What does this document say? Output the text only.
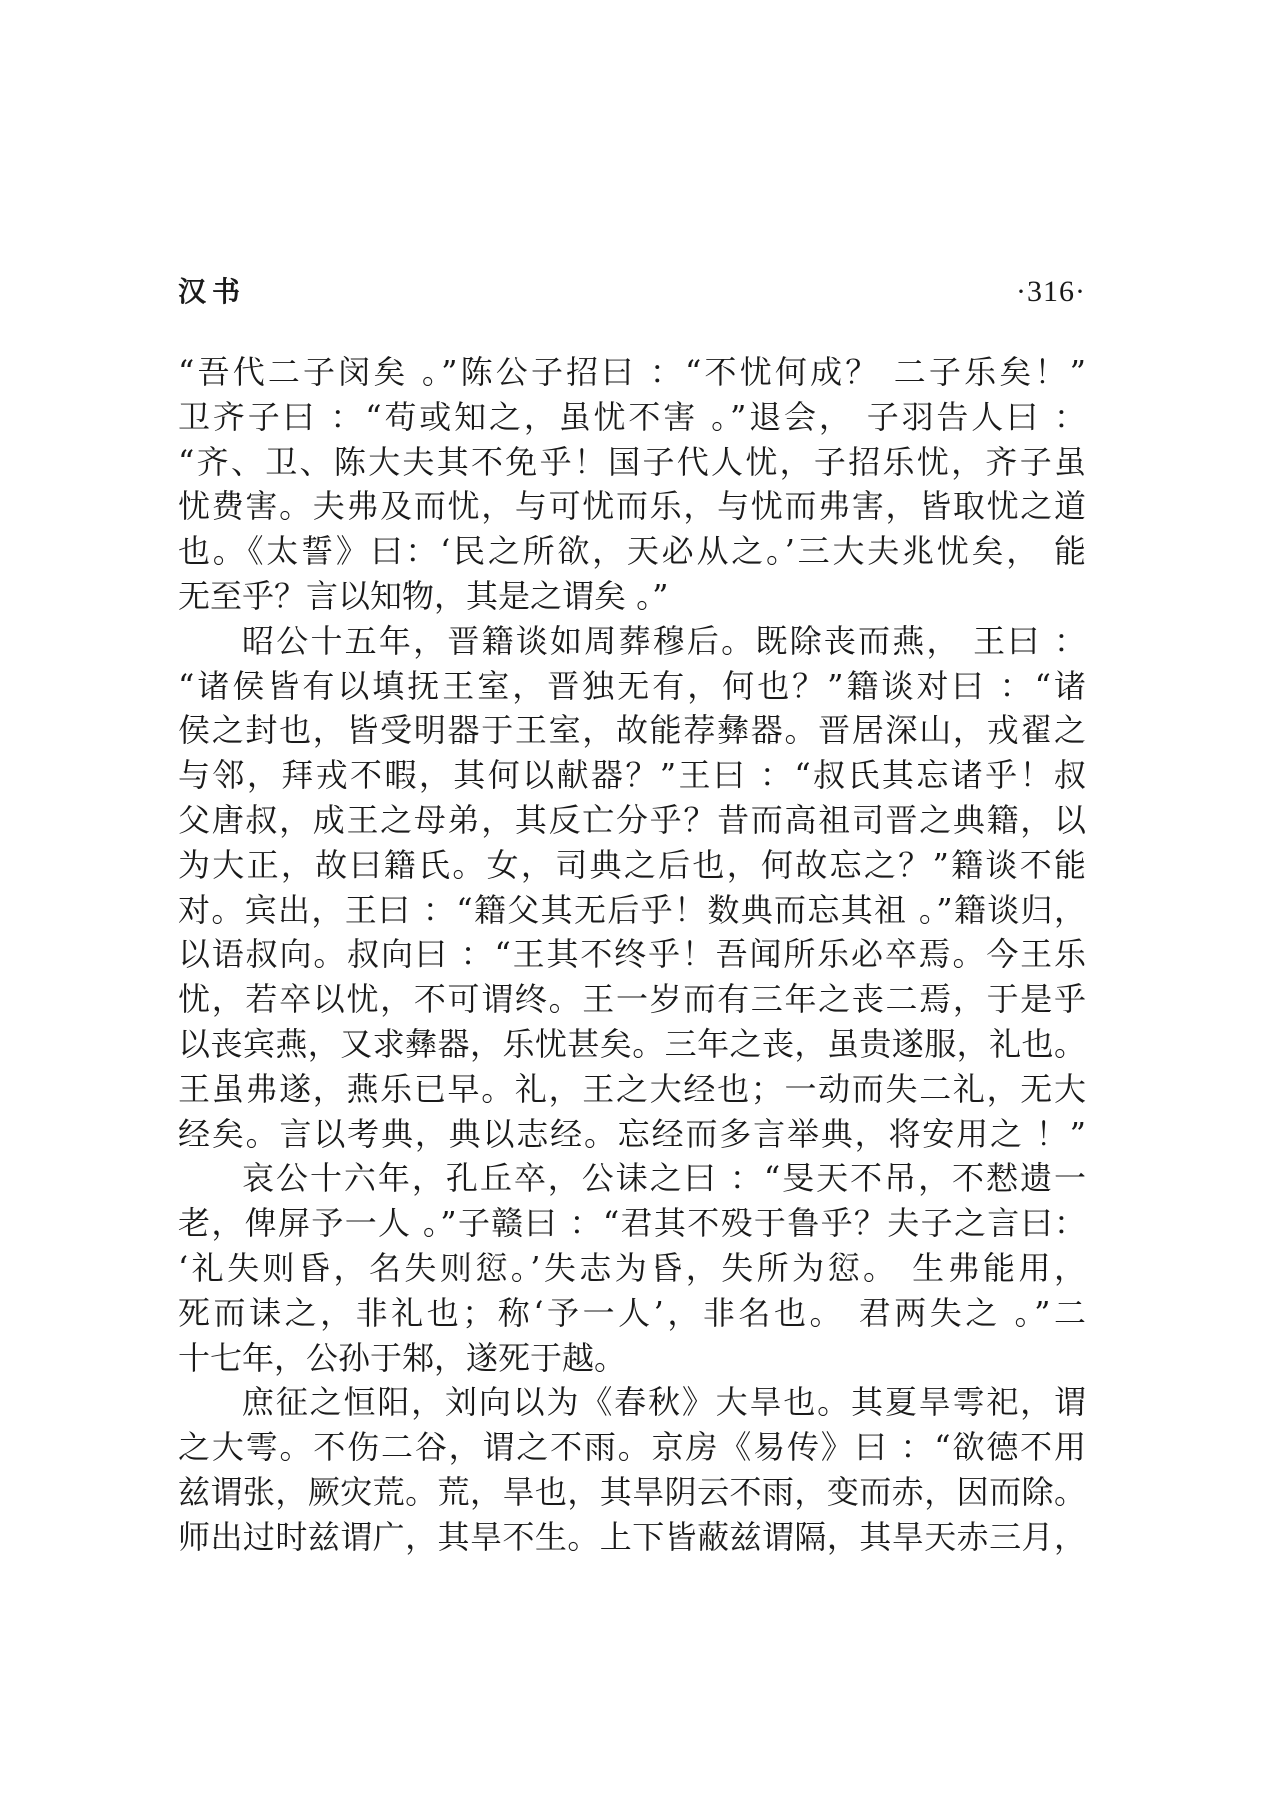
汉书	·316·
“吾代二子闵矣 。”陈公子招曰 ：“不忧何成？ 二子乐矣！”
卫齐子曰 ：“苟或知之，虽忧不害 。”退会， 子羽告人曰 ：
“齐、卫、陈大夫其不免乎！国子代人忧，子招乐忧，齐子虽
忧费害。夫弗及而忧，与可忧而乐，与忧而弗害，皆取忧之道
也。《太誓》曰：‘民之所欲，天必从之。’三大夫兆忧矣， 能
无至乎？言以知物，其是之谓矣 。”
昭公十五年，晋籍谈如周葬穆后。既除丧而燕， 王曰 ：
“诸侯皆有以填抚王室，晋独无有，何也？”籍谈对曰 ：“诸
侯之封也，皆受明器于王室，故能荐彝器。晋居深山，戎翟之
与邻，拜戎不暇，其何以献器？”王曰 ：“叔氏其忘诸乎！叔
父唐叔，成王之母弟，其反亡分乎？昔而高祖司晋之典籍，以
为大正，故曰籍氏。女，司典之后也，何故忘之？”籍谈不能
对。宾出，王曰 ：“籍父其无后乎！数典而忘其祖 。”籍谈归，
以语叔向。叔向曰 ：“王其不终乎！吾闻所乐必卒焉。今王乐
忧，若卒以忧，不可谓终。王一岁而有三年之丧二焉，于是乎
以丧宾燕，又求彝器，乐忧甚矣。三年之丧，虽贵遂服，礼也。
王虽弗遂，燕乐已早。礼，王之大经也；一动而失二礼，无大
经矣。言以考典，典以志经。忘经而多言举典，将安用之 ！”
哀公十六年，孔丘卒，公诔之曰 ：“旻天不吊，不慭遗一
老，俾屏予一人 。”子赣曰 ：“君其不殁于鲁乎？夫子之言曰：
‘礼失则昏，名失则愆。’失志为昏，失所为愆。 生弗能用，
死而诔之，非礼也；称‘予一人’，非名也。 君两失之 。”二
十七年，公孙于邾，遂死于越。
庶征之恒阳，刘向以为《春秋》大旱也。其夏旱雩祀，谓
之大雩。不伤二谷，谓之不雨。京房《易传》曰 ：“欲德不用
兹谓张，厥灾荒。荒，旱也，其旱阴云不雨，变而赤，因而除。
师出过时兹谓广，其旱不生。上下皆蔽兹谓隔，其旱天赤三月，
